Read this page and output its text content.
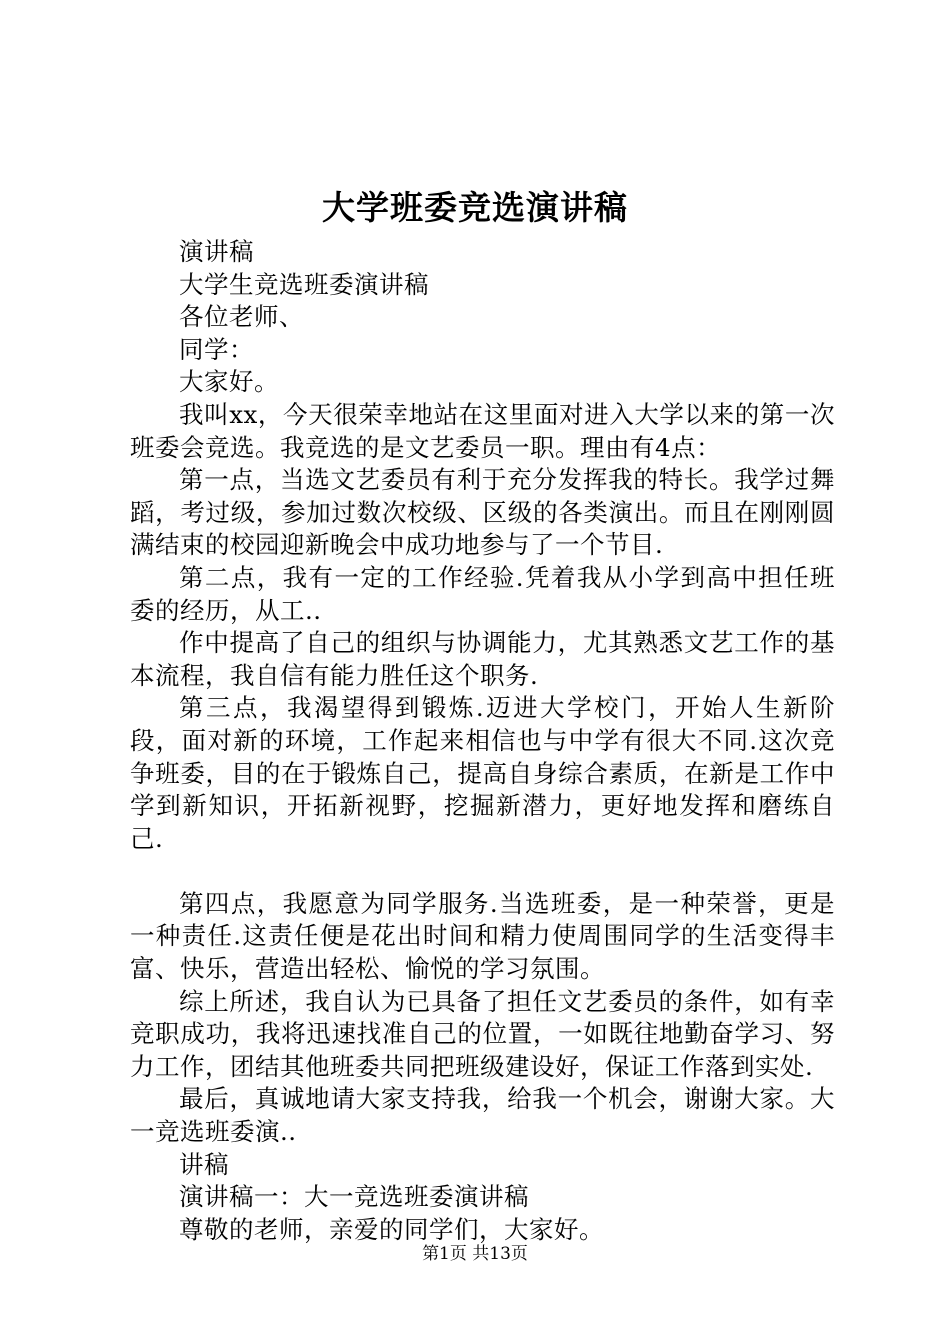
大学班委竞选演讲稿

演讲稿

大学生竞选班委演讲稿

各位老师、

同学：

大家好。

我叫xx，今天很荣幸地站在这里面对进入大学以来的第一次班委会竞选。我竞选的是文艺委员一职。理由有4点：

第一点，当选文艺委员有利于充分发挥我的特长。我学过舞蹈，考过级，参加过数次校级、区级的各类演出。而且在刚刚圆满结束的校园迎新晚会中成功地参与了一个节目.

第二点，我有一定的工作经验.凭着我从小学到高中担任班委的经历，从工..

作中提高了自己的组织与协调能力，尤其熟悉文艺工作的基本流程，我自信有能力胜任这个职务.

第三点，我渴望得到锻炼.迈进大学校门，开始人生新阶段，面对新的环境，工作起来相信也与中学有很大不同.这次竞争班委，目的在于锻炼自己，提高自身综合素质，在新是工作中学到新知识，开拓新视野，挖掘新潜力，更好地发挥和磨练自己.

第四点，我愿意为同学服务.当选班委，是一种荣誉，更是一种责任.这责任便是花出时间和精力使周围同学的生活变得丰富、快乐，营造出轻松、愉悦的学习氛围。

综上所述，我自认为已具备了担任文艺委员的条件，如有幸竞职成功，我将迅速找准自己的位置，一如既往地勤奋学习、努力工作，团结其他班委共同把班级建设好，保证工作落到实处.

最后，真诚地请大家支持我，给我一个机会，谢谢大家。大一竞选班委演..

讲稿

演讲稿一：大一竞选班委演讲稿

尊敬的老师，亲爱的同学们，大家好。

第1页 共13页
